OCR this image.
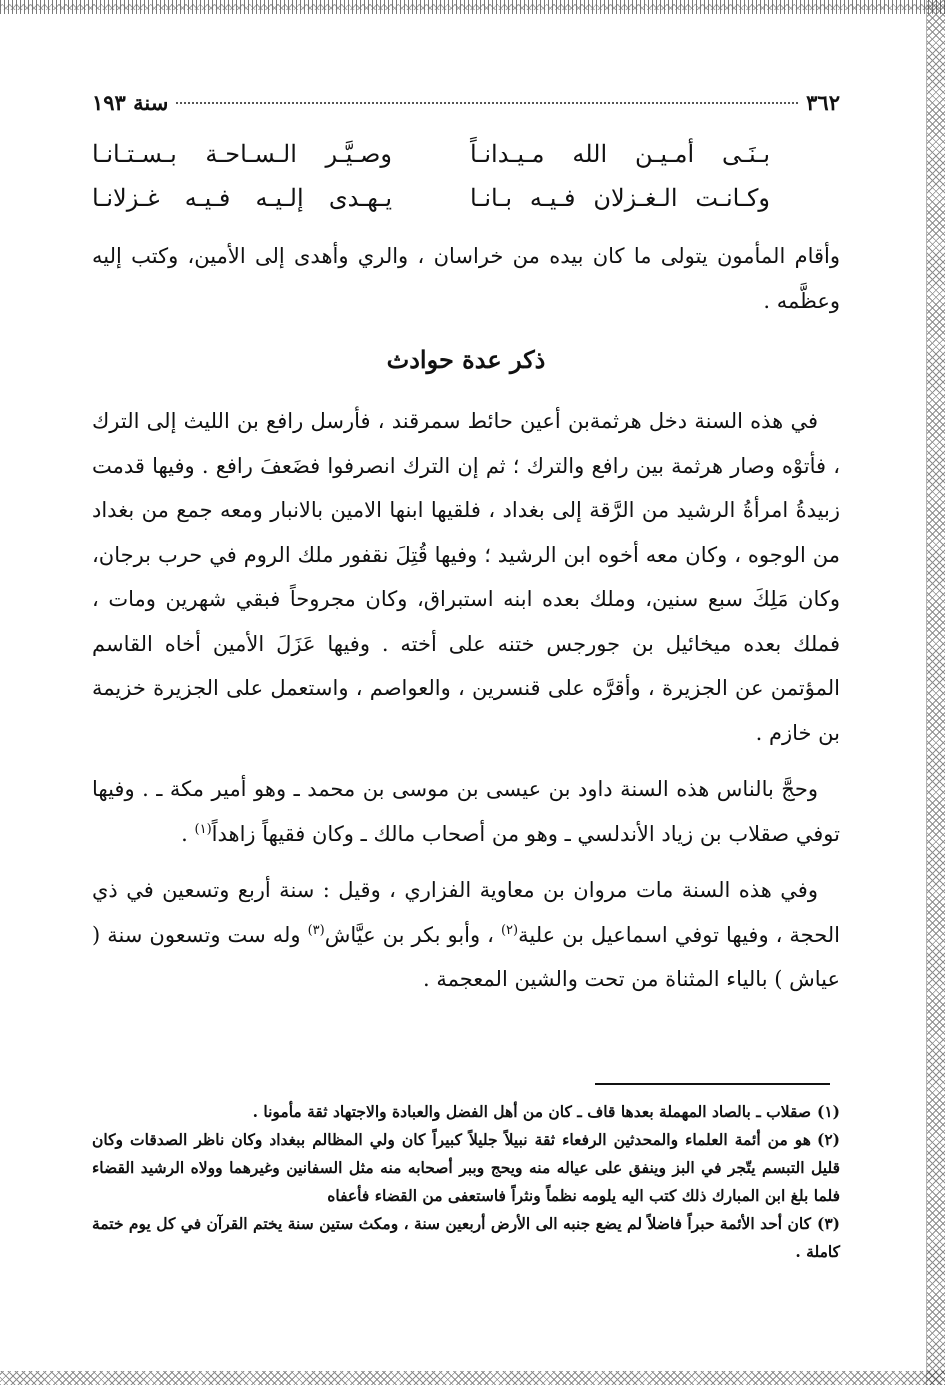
٣٦٢
سنة ١٩٣
بـنَـى أمـيـن الله مـيـدانـاً
وصـيَّـر الـسـاحـة بـسـتـانـا
وكـانـت الـغـزلان فـيـه بـانـا
يـهـدى إلـيـه فـيـه غـزلانـا

وأقام المأمون يتولى ما كان بيده من خراسان ، والري وأهدى إلى الأمين، وكتب إليه وعظَّمه .

ذكر عدة حوادث

في هذه السنة دخل هرثمةبن أعين حائط سمرقند ، فأرسل رافع بن الليث إلى الترك ، فأتوْه وصار هرثمة بين رافع والترك ؛ ثم إن الترك انصرفوا فضَعفَ رافع . وفيها قدمت زبيدةُ امرأةُ الرشيد من الرَّقة إلى بغداد ، فلقيها ابنها الامين بالانبار ومعه جمع من بغداد من الوجوه ، وكان معه أخوه ابن الرشيد ؛ وفيها قُتِلَ نقفور ملك الروم في حرب برجان، وكان مَلِكَ سبع سنين، وملك بعده ابنه استبراق، وكان مجروحاً فبقي شهرين ومات ، فملك بعده ميخائيل بن جورجس ختنه على أخته . وفيها عَزَلَ الأمين أخاه القاسم المؤتمن عن الجزيرة ، وأقرَّه على قنسرين ، والعواصم ، واستعمل على الجزيرة خزيمة بن خازم .

وحجَّ بالناس هذه السنة داود بن عيسى بن موسى بن محمد ـ وهو أمير مكة ـ . وفيها توفي صقلاب بن زياد الأندلسي ـ وهو من أصحاب مالك ـ وكان فقيهاً زاهداً$^{(١)}$ .

وفي هذه السنة مات مروان بن معاوية الفزاري ، وقيل : سنة أربع وتسعين في ذي الحجة ، وفيها توفي اسماعيل بن علية$^{(٢)}$ ، وأبو بكر بن عيَّاش$^{(٣)}$ وله ست وتسعون سنة ( عياش ) بالياء المثناة من تحت والشين المعجمة .

(١)صقلاب ـ بالصاد المهملة بعدها قاف ـ كان من أهل الفضل والعبادة والاجتهاد ثقة مأمونا .

(٢)هو من أئمة العلماء والمحدثين الرفعاء ثقة نبيلاً جليلاً كبيراً كان ولي المظالم ببغداد وكان ناظر الصدقات وكان قليل التبسم يتّجر في البز وينفق على عياله منه ويحج وببر أصحابه منه مثل السفانين وغيرهما وولاه الرشيد القضاء فلما بلغ ابن المبارك ذلك كتب اليه يلومه نظماً ونثراً فاستعفى من القضاء فأعفاه

(٣)كان أحد الأئمة حبراً فاضلاً لم يضع جنبه الى الأرض أربعين سنة ، ومكث ستين سنة يختم القرآن في كل يوم ختمة كاملة .
